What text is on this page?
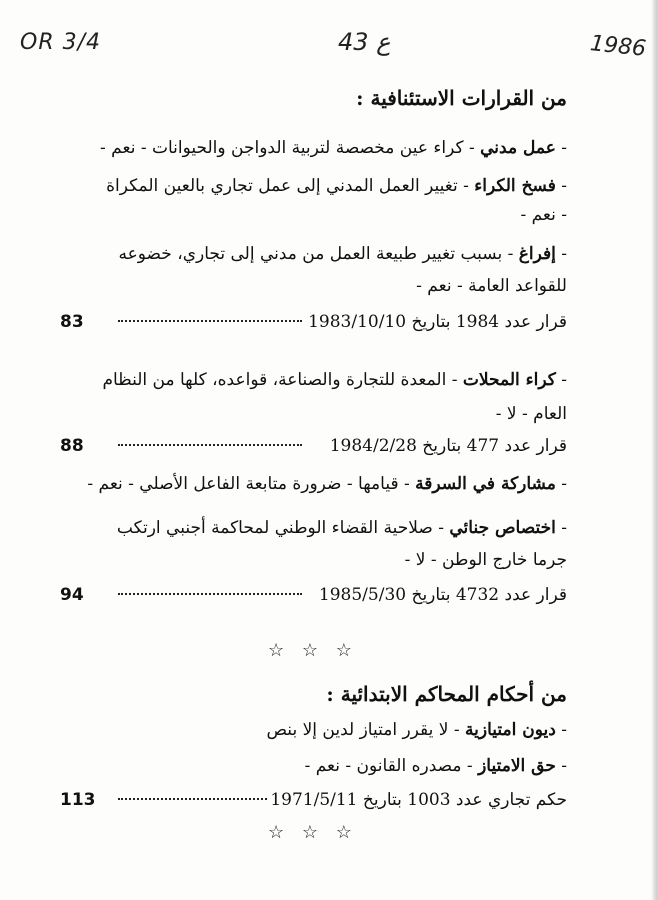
OR 3/4	43 ع	1986
من القرارات الاستئنافية :
- عمل مدني - كراء عين مخصصة لتربية الدواجن والحيوانات - نعم -
- فسخ الكراء - تغيير العمل المدني إلى عمل تجاري بالعين المكراة
- نعم -
- إفراغ - بسبب تغيير طبيعة العمل من مدني إلى تجاري، خضوعه
للقواعد العامة - نعم -
قرار عدد 1984 بتاريخ 1983/10/10
83
- كراء المحلات - المعدة للتجارة والصناعة، قواعده، كلها من النظام
العام - لا -
قرار عدد 477 بتاريخ 1984/2/28
88
- مشاركة في السرقة - قيامها - ضرورة متابعة الفاعل الأصلي - نعم -
- اختصاص جنائي - صلاحية القضاء الوطني لمحاكمة أجنبي ارتكب
جرما خارج الوطن - لا -
قرار عدد 4732 بتاريخ 1985/5/30
94
☆ ☆ ☆
من أحكام المحاكم الابتدائية :
- ديون امتيازية - لا يقرر امتياز لدين إلا بنص
- حق الامتياز - مصدره القانون - نعم -
حكم تجاري عدد 1003 بتاريخ 1971/5/11
113
☆ ☆ ☆
